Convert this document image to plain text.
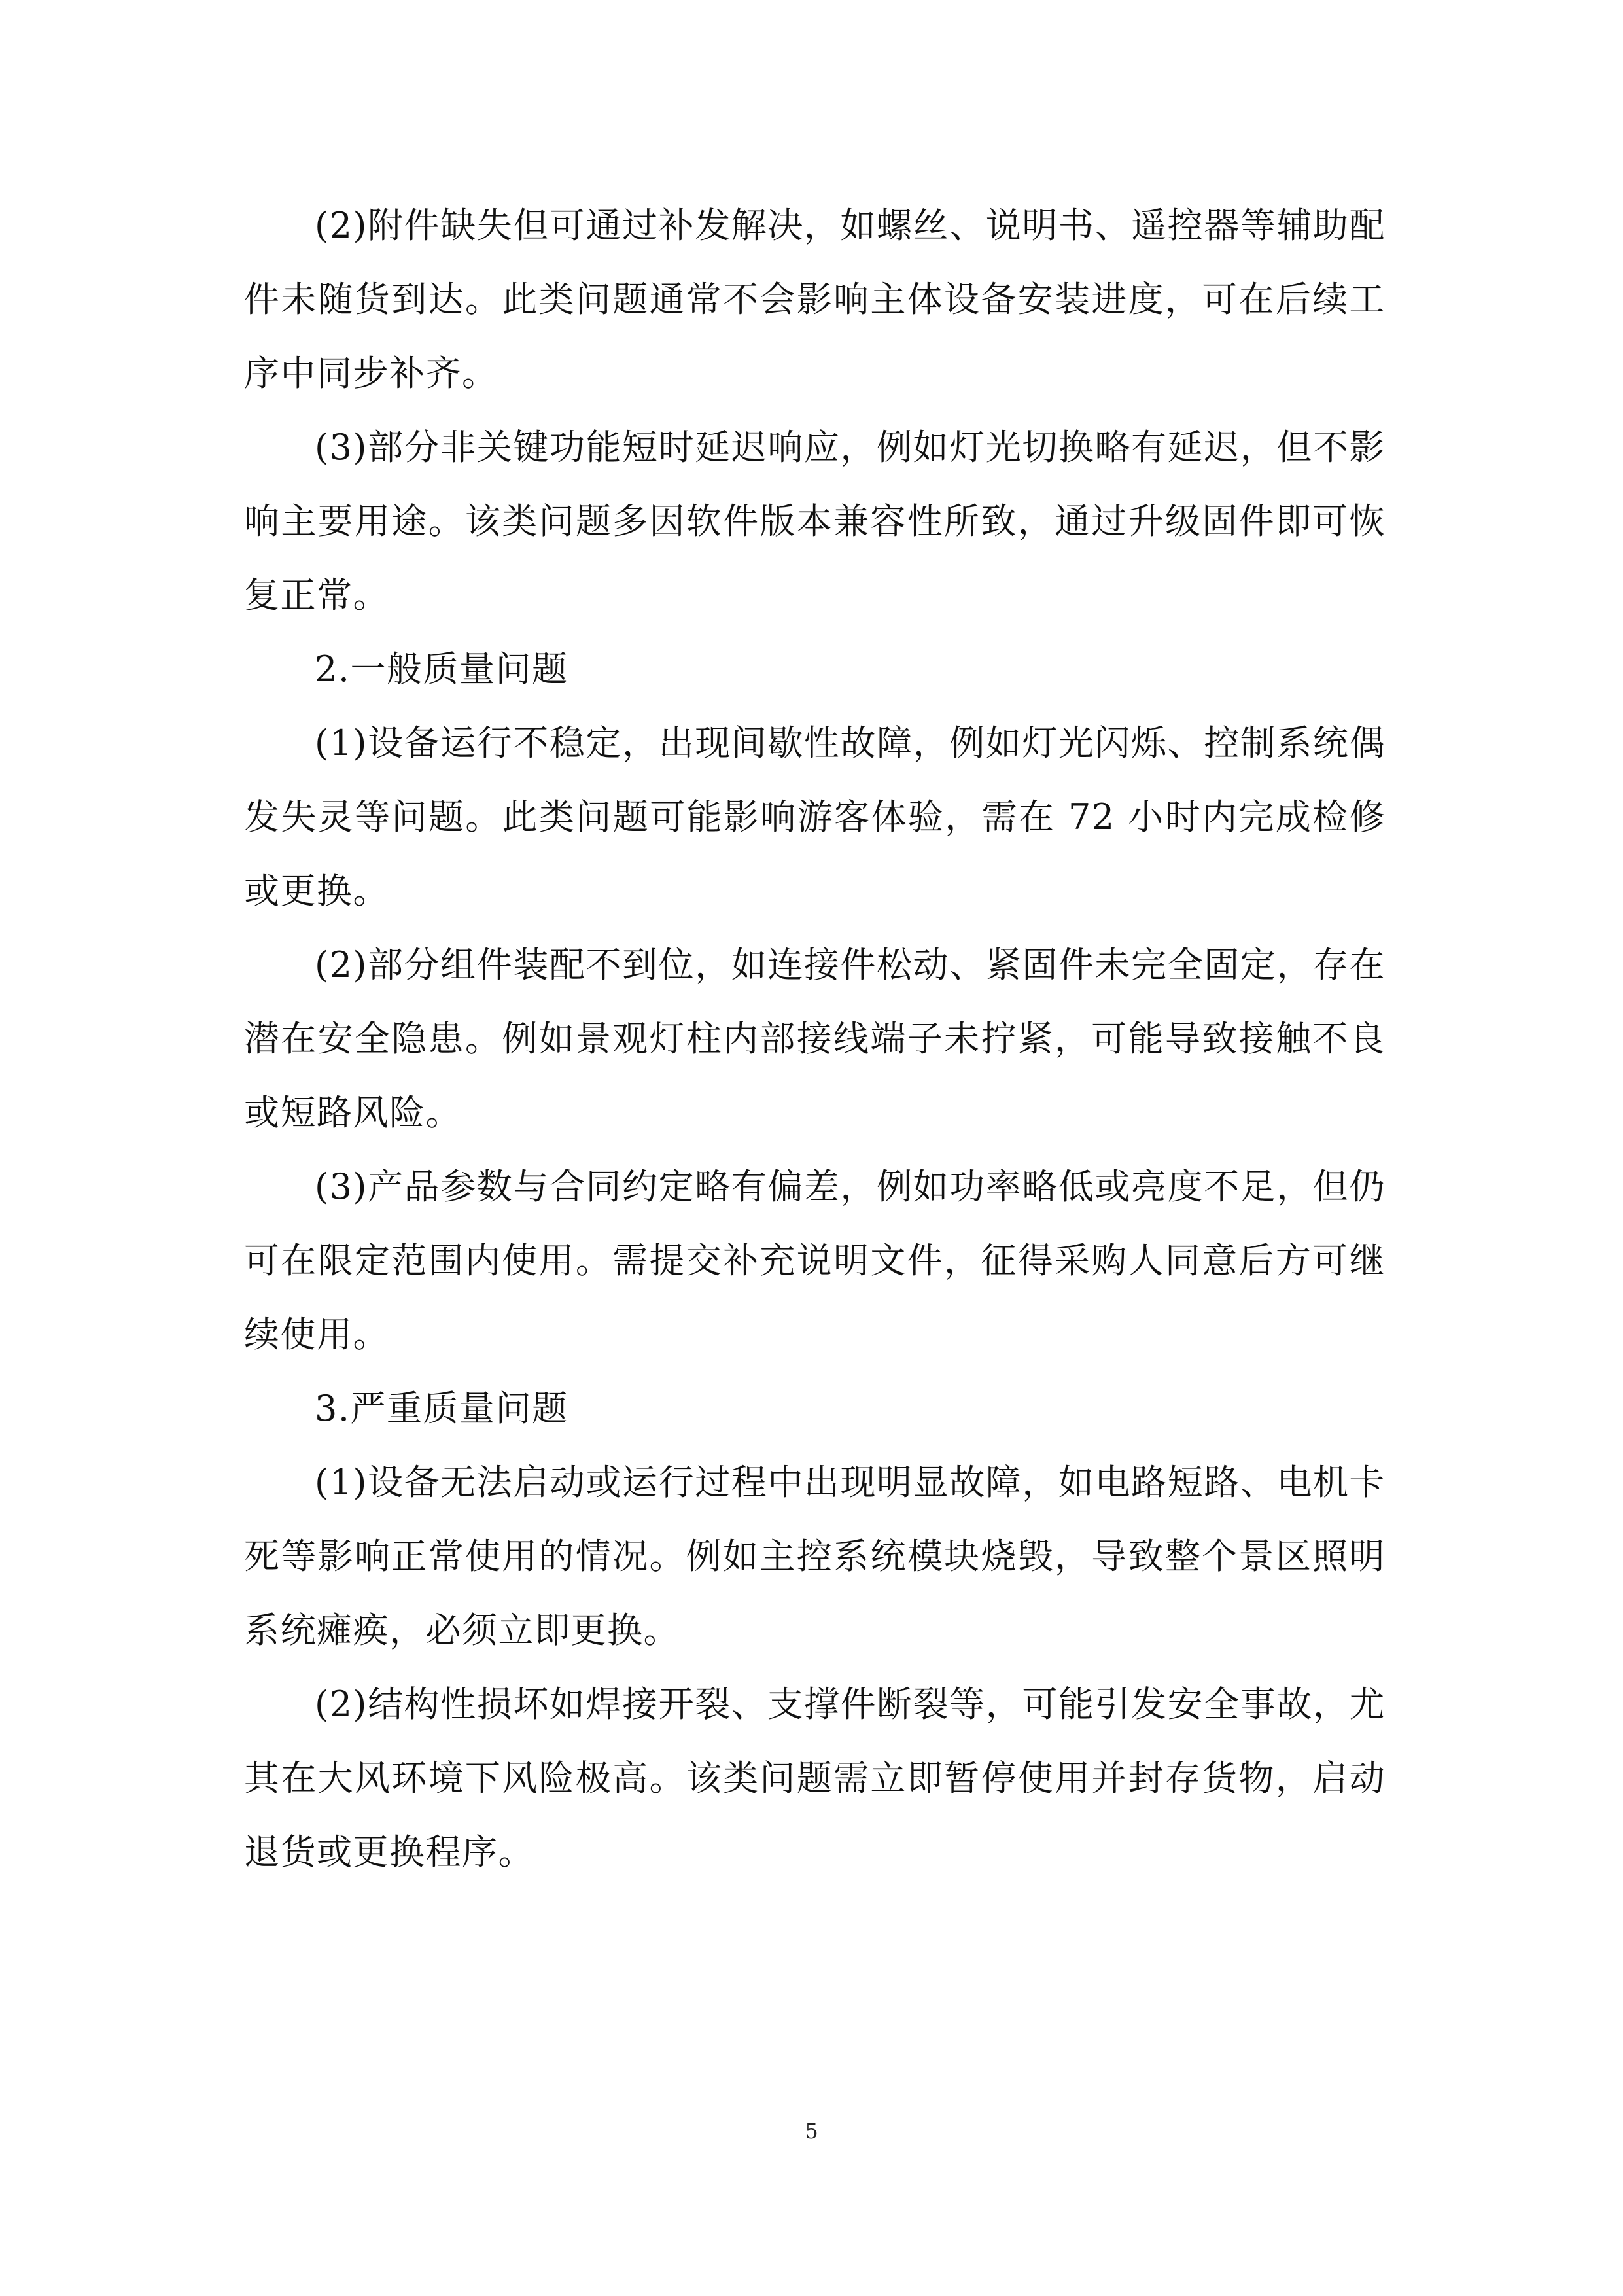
(2)附件缺失但可通过补发解决，如螺丝、说明书、遥控器等辅助配件未随货到达。此类问题通常不会影响主体设备安装进度，可在后续工序中同步补齐。

(3)部分非关键功能短时延迟响应，例如灯光切换略有延迟，但不影响主要用途。该类问题多因软件版本兼容性所致，通过升级固件即可恢复正常。

2.一般质量问题

(1)设备运行不稳定，出现间歇性故障，例如灯光闪烁、控制系统偶发失灵等问题。此类问题可能影响游客体验，需在 72 小时内完成检修或更换。

(2)部分组件装配不到位，如连接件松动、紧固件未完全固定，存在潜在安全隐患。例如景观灯柱内部接线端子未拧紧，可能导致接触不良或短路风险。

(3)产品参数与合同约定略有偏差，例如功率略低或亮度不足，但仍可在限定范围内使用。需提交补充说明文件，征得采购人同意后方可继续使用。

3.严重质量问题

(1)设备无法启动或运行过程中出现明显故障，如电路短路、电机卡死等影响正常使用的情况。例如主控系统模块烧毁，导致整个景区照明系统瘫痪，必须立即更换。

(2)结构性损坏如焊接开裂、支撑件断裂等，可能引发安全事故，尤其在大风环境下风险极高。该类问题需立即暂停使用并封存货物，启动退货或更换程序。

5
